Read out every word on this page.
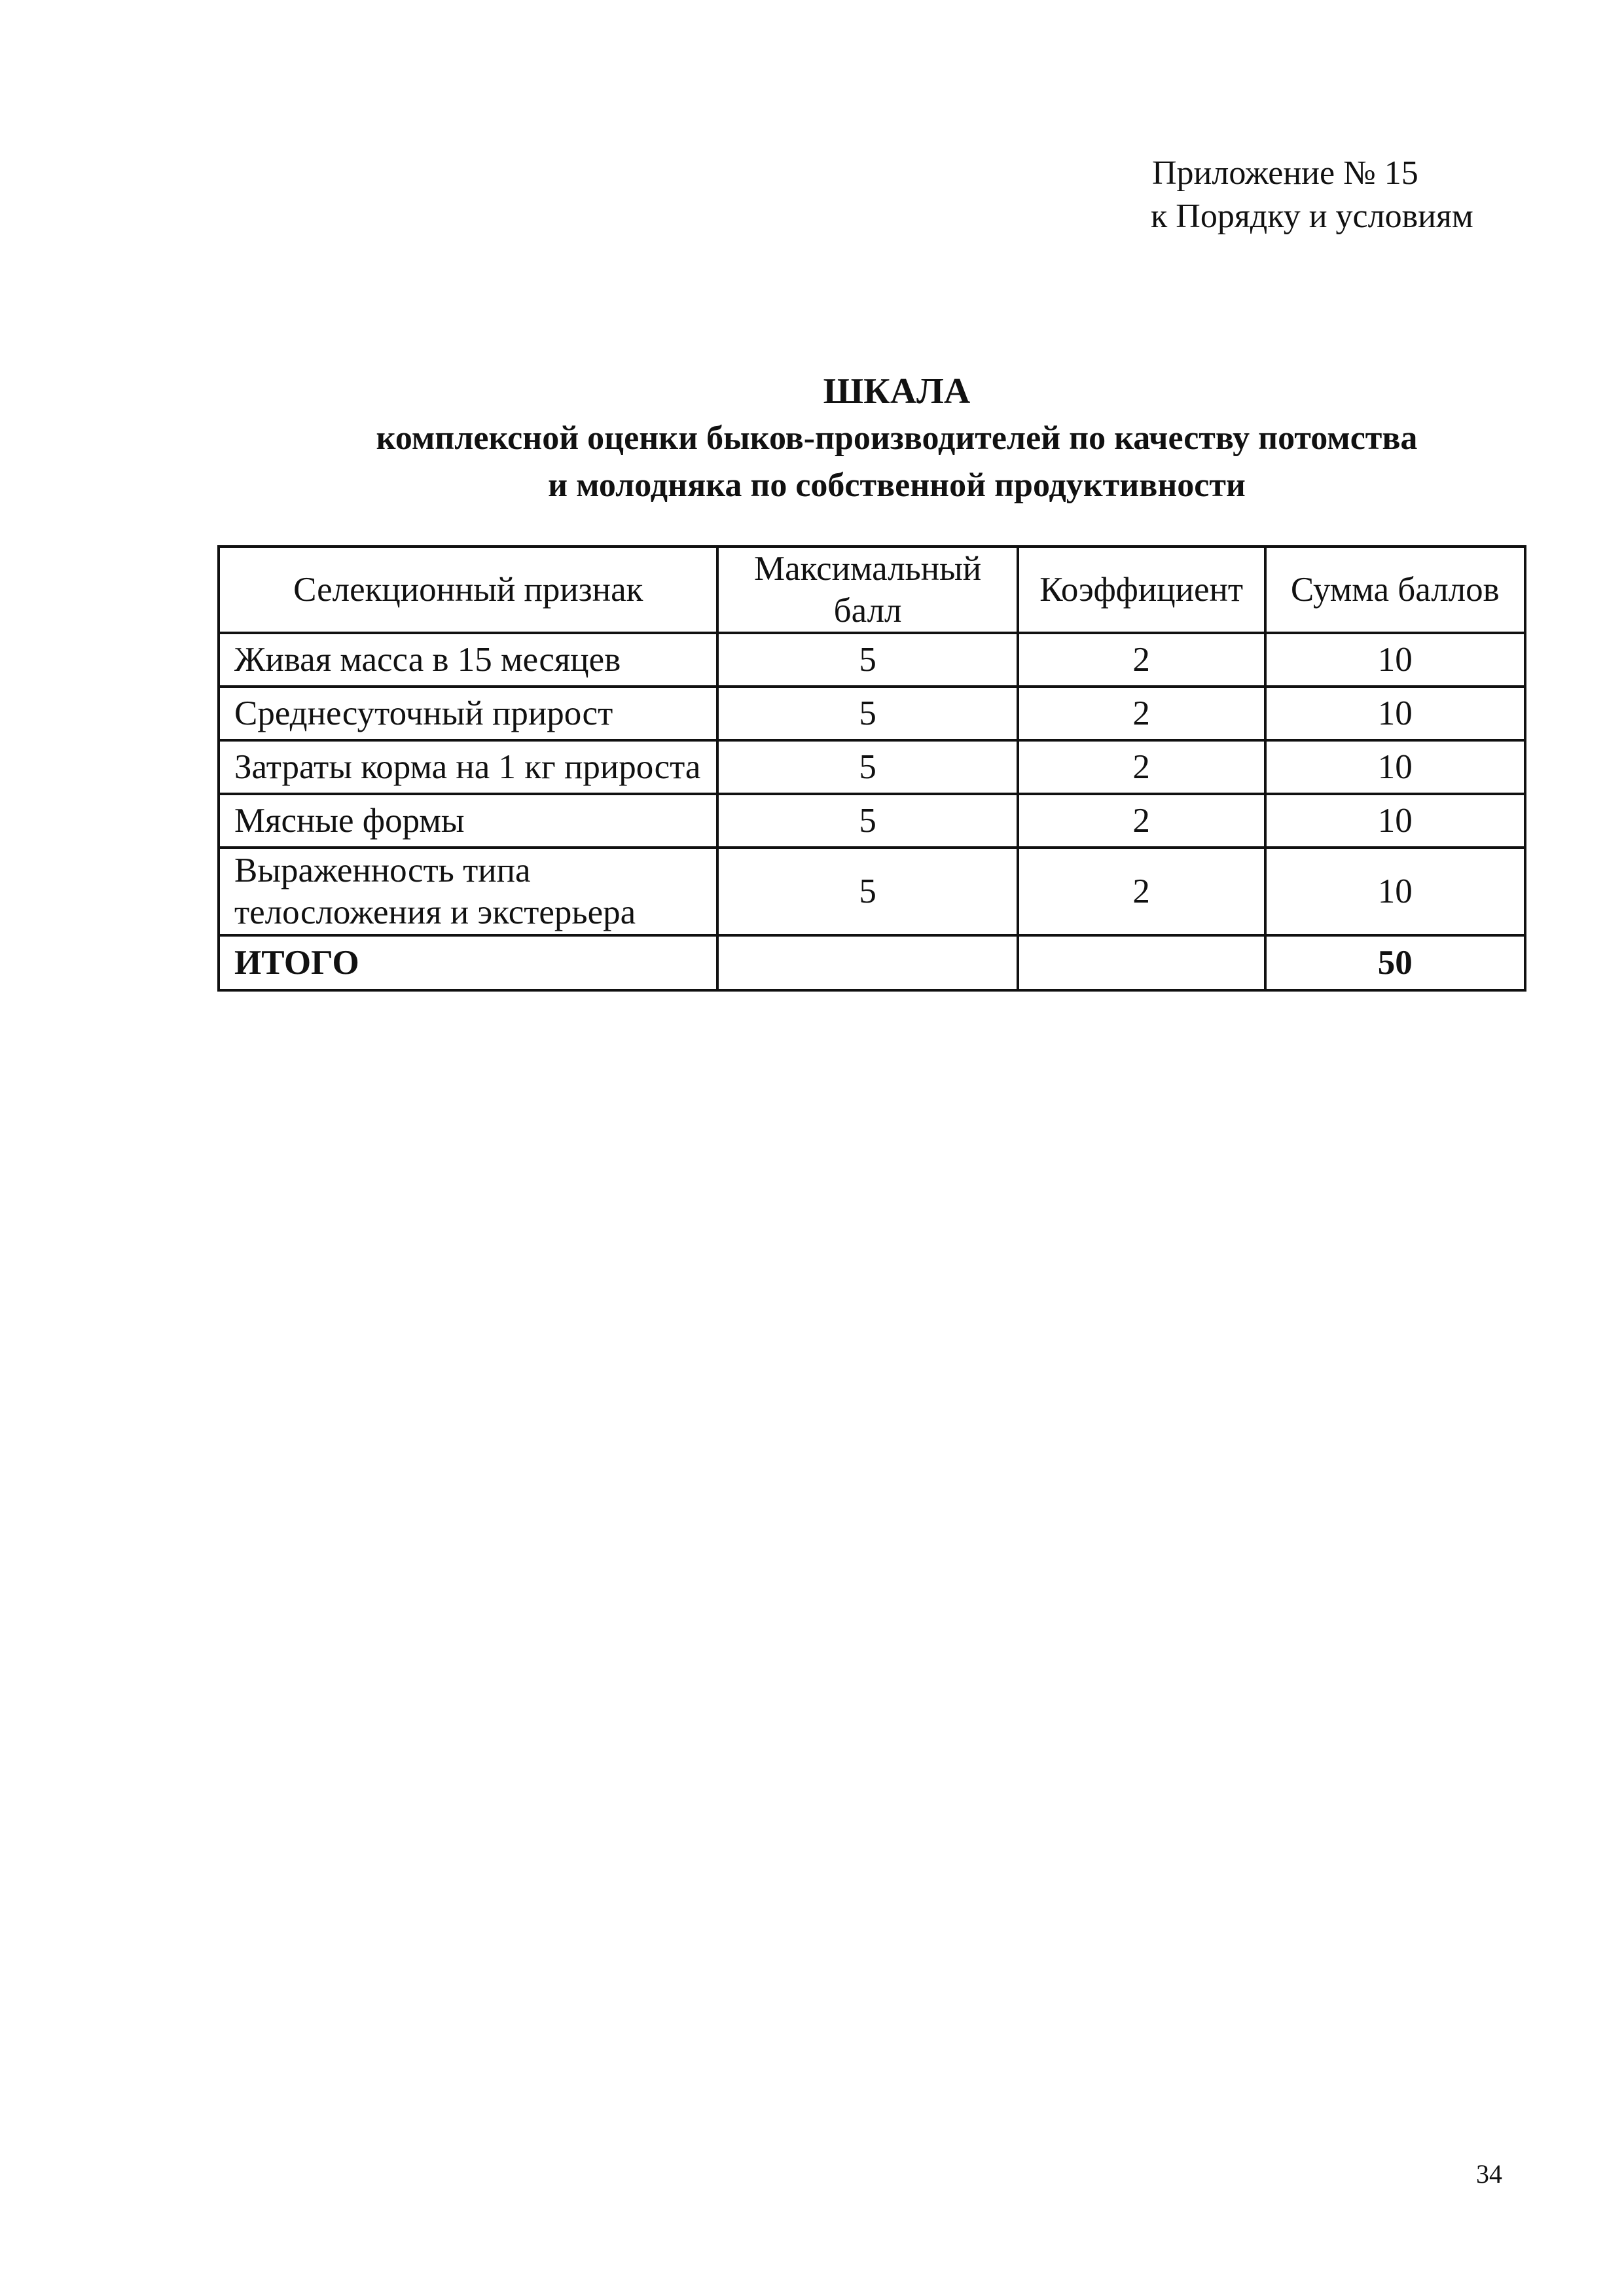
Приложение № 15
к Порядку и условиям
ШКАЛА
комплексной оценки быков-производителей по качеству потомства
и молодняка по собственной продуктивности
Селекционный признак	Максимальный балл	Коэффициент	Сумма баллов
Живая масса в 15 месяцев	5	2	10
Среднесуточный прирост	5	2	10
Затраты корма на 1 кг прироста	5	2	10
Мясные формы	5	2	10
Выраженность типа телосложения и экстерьера	5	2	10
ИТОГО			50
34
